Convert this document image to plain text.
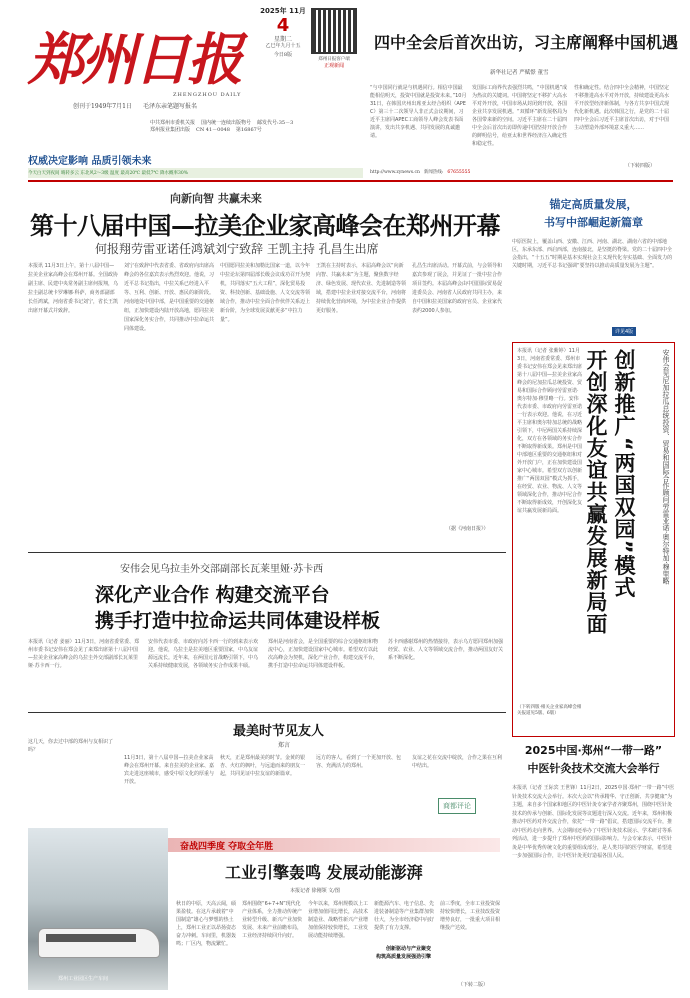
郑州日报
ZHENGZHOU DAILY
创刊于1949年7月1日 毛泽东亲笔题写报名
2025年 11月
4
星期二
乙巳年九月十五
今日8版
郑州日报客户端
正观新闻
中共郑州市委机关报 国内统一连续出版物号 邮发代号:35－3
郑州报业集团出版 CN 41－0048 第16867号
权威决定影响 品质引领未来
今天白天到夜间 晴转多云 东北风2～3级 温度 最高20℃ 最低7℃ 降水概率30%	http://www.zynews.cn 新闻热线: 67655555
四中全会后首次出访，习主席阐释中国机遇
新华社记者 严赋憬 董雪
“与中国同行就是与机遇同行。相信中国最能相信明天，投资中国就是投资未来。”10月31日，在韩国庆州出席亚太经合组织（APEC）第三十二次领导人非正式会议期间，习近平主席同APEC工商领导人峰会发表书面演讲，发出共享机遇、共同发展的真诚邀请。
发国际工商界代表强烈共鸣，“中国机遇”成为热议的关键词。中国将坚定不移扩大高水平对外开放，中国市场从封闭到开放，各国企业共享发展机遇。“双循环”新发展格局为各国带来新的空间。习近平主席在二十届四中全会后首次出访即传递中国坚持开放合作的鲜明信号，给亚太和世界经济注入确定性和稳定性。
性和确定性。结合四中全会精神，中国坚定不移推进高水平对外开放，持续建设更高水平开放型经济新体制，与各方共享中国式现代化新机遇。此次韩国之行，是党的二十届四中全会后习近平主席首次出访，对于中国主动塑造外部环境意义重大……
（下转四版）
锚定高质量发展，
书写中部崛起新篇章
中原医院上，覆盖山西、安徽、江西、河南、湖北、湖南六省的中部地区，东承东部、西启西部，连南接北，是坚挺的脊梁。党的二十届四中全会指出，“十五五”时期是基本实现社会主义现代化夯实基础、全面发力的关键时期，习近平总书记强调“要坚持以推动高质量发展为主题”。
详见4版
向新向智 共赢未来
第十八届中国—拉美企业家高峰会在郑州开幕
何报翔劳雷亚诺任鸿斌刘宁致辞 王凯主持 孔昌生出席
本报讯 11月3日上午，第十八届中国—拉美企业家高峰会在郑州开幕。全国政协副主席、民建中央常务副主席何报翔，乌拉圭副总统卡罗琳娜·科萨，商务部副部长任鸿斌，河南省委书记刘宁，省长王凯出席开幕式并致辞。
刘宁在致辞中代表省委、省政府向出席高峰会的各位嘉宾表示热烈欢迎。他说，习近平总书记指出，中拉关系已经进入平等、互利、创新、开放、惠民的新阶段。河南地处中国中部，是中国重要的交通枢纽，正加快建设内陆开放高地，愿同拉美国家深化务实合作，共同推动中拉命运共同体建设。
中国愿同拉美和加勒比国家一道，以今年中拉论坛第四届部长级会议成功召开为契机，共同落实“五大工程”，深化贸易投资、科技创新、基础设施、人文交流等领域合作，推动中拉全面合作伙伴关系迈上新台阶，为全球发展贡献更多“中拉力量”。
王凯在主持时表示，本届高峰会以“向新向智、共赢未来”为主题，聚焦数字经济、绿色发展、现代农业、先进制造等领域，搭建中拉企业对接交流平台，河南将持续优化营商环境，为中拉企业合作提供更好服务。
孔昌生出席活动。开幕式前，与会领导和嘉宾参观了展会，并见证了一批中拉合作项目签约。本届高峰会由中国国际贸易促进委员会、河南省人民政府共同主办，来自中国和拉美国家的政府官员、企业家代表约2000人参加。
（据《河南日报》）
安伟会见乌拉圭外交部副部长瓦莱里娅·苏卡西
深化产业合作 构建交流平台
携手打造中拉命运共同体建设样板
本报讯（记者 姜丽）11月3日，河南省委常委、郑州市委书记安伟在郑会见了来郑出席第十八届中国—拉美企业家高峰会的乌拉圭外交部副部长瓦莱里娅·苏卡西一行。
安伟代表市委、市政府向苏卡西一行的到来表示欢迎。他说，乌拉圭是拉美地区重要国家，中乌友谊源远流长。近年来，在两国元首战略引领下，中乌关系持续健康发展，各领域务实合作成果丰硕。
郑州是河南省会，是全国重要的综合交通枢纽和物流中心，正加快建设国家中心城市。希望双方以此次高峰会为契机，深化产业合作，构建交流平台，携手打造中拉命运共同体建设样板。
苏卡西感谢郑州的热情接待，表示乌方愿同郑州加强经贸、农业、人文等领域交流合作，推动两国友好关系不断深化。
本报讯（记者 张紫婷）11月3日，河南省委常委、郑州市委书记安伟在郑会见来郑出席第十八届中国—拉美企业家高峰会的尼加拉瓜总统投资、贸易和国际合作顾问劳雷亚诺·奥尔特加·穆里略一行。安伟代表市委、市政府向劳雷亚诺一行表示欢迎。他说，在习近平主席和奥尔特加总统的战略引领下，中尼两国关系持续深化，双方在各领域的务实合作不断取得新成果。郑州是中国中部地区重要的交通枢纽和对外开放门户，正在加快建设国家中心城市。希望双方以创新推广“两国双园”模式为抓手，在经贸、农业、物流、人文等领域深化合作，推动中尼合作不断取得新成效，开创深化友谊共赢发展新局面。
（下转四版·相关企业家高峰会相关报道见5版、6版）
开创深化友谊共赢发展新局面 创新推广“两国双园”模式	安伟会见尼加拉瓜总统投资、贸易和国际合作顾问劳雷亚诺·奥尔特加·穆里略
这几天，你去过中部的郑州与友相识了吗？
最美时节见友人
郑言
11月3日，第十八届中国—拉美企业家高峰会在郑州开幕。来自拉美的企业家、嘉宾走进这座城市，感受中原文化的厚重与开放。
秋天，正是郑州最美的时节。金黄的银杏、火红的枫叶，与远道而来的朋友一起，共同见证中拉友谊的新篇章。
远方的客人，看到了一个更加开放、包容、充满活力的郑州。
友谊之花在交流中绽放，合作之果在互利中结出。
商都评论
奋战四季度 夺取全年胜
郑州工业园区生产车间
工业引擎轰鸣 发展动能澎湃
本报记者 徐刚领 文/图
秋日的中原，天高云阔，硕果盈枝。在这片承载着“中国制造”雄心与梦想的热土上，郑州工业正以昂扬姿态奋力冲刺。车间里，机器轰鸣；厂区内，物流繁忙。
郑州围绕“6+7+N”现代化产业体系，全力推动传统产业转型升级、新兴产业加快发展、未来产业前瞻布局，工业经济持续回升向好。
今年以来，郑州规模以上工业增加值同比增长，高技术制造业、战略性新兴产业增加值保持较快增长，工业发展动能持续增强。
新能源汽车、电子信息、先进装备制造等产业集群加快壮大，为全市经济稳中向好提供了有力支撑。
创新驱动与产业聚变
构筑高质量发展强劲引擎
前三季度，全市工业投资保持较快增长，工业技改投资增势良好，一批重大项目相继投产达效。
（下转二版）
2025中国·郑州“一带一路”
中医针灸技术交流大会举行
本报讯（记者 王际宾 王世锋）11月2日，2025中国·郑州“一带一路”中医针灸技术交流大会举行。本次大会以“传承精华、守正创新、共享健康”为主题，来自多个国家和地区的中医针灸专家学者齐聚郑州，围绕中医针灸技术的传承与创新、国际化发展等议题进行深入交流。近年来，郑州积极推动中医药对外交流合作，依托“一带一路”倡议，搭建国际交流平台，推动中医药走向世界。大会期间还举办了中医针灸技术展示、学术研讨等系列活动，进一步提升了郑州中医药的国际影响力。与会专家表示，中医针灸是中华优秀传统文化的重要组成部分，是人类共同的医学财富，希望进一步加强国际合作，让中医针灸更好造福各国人民。
